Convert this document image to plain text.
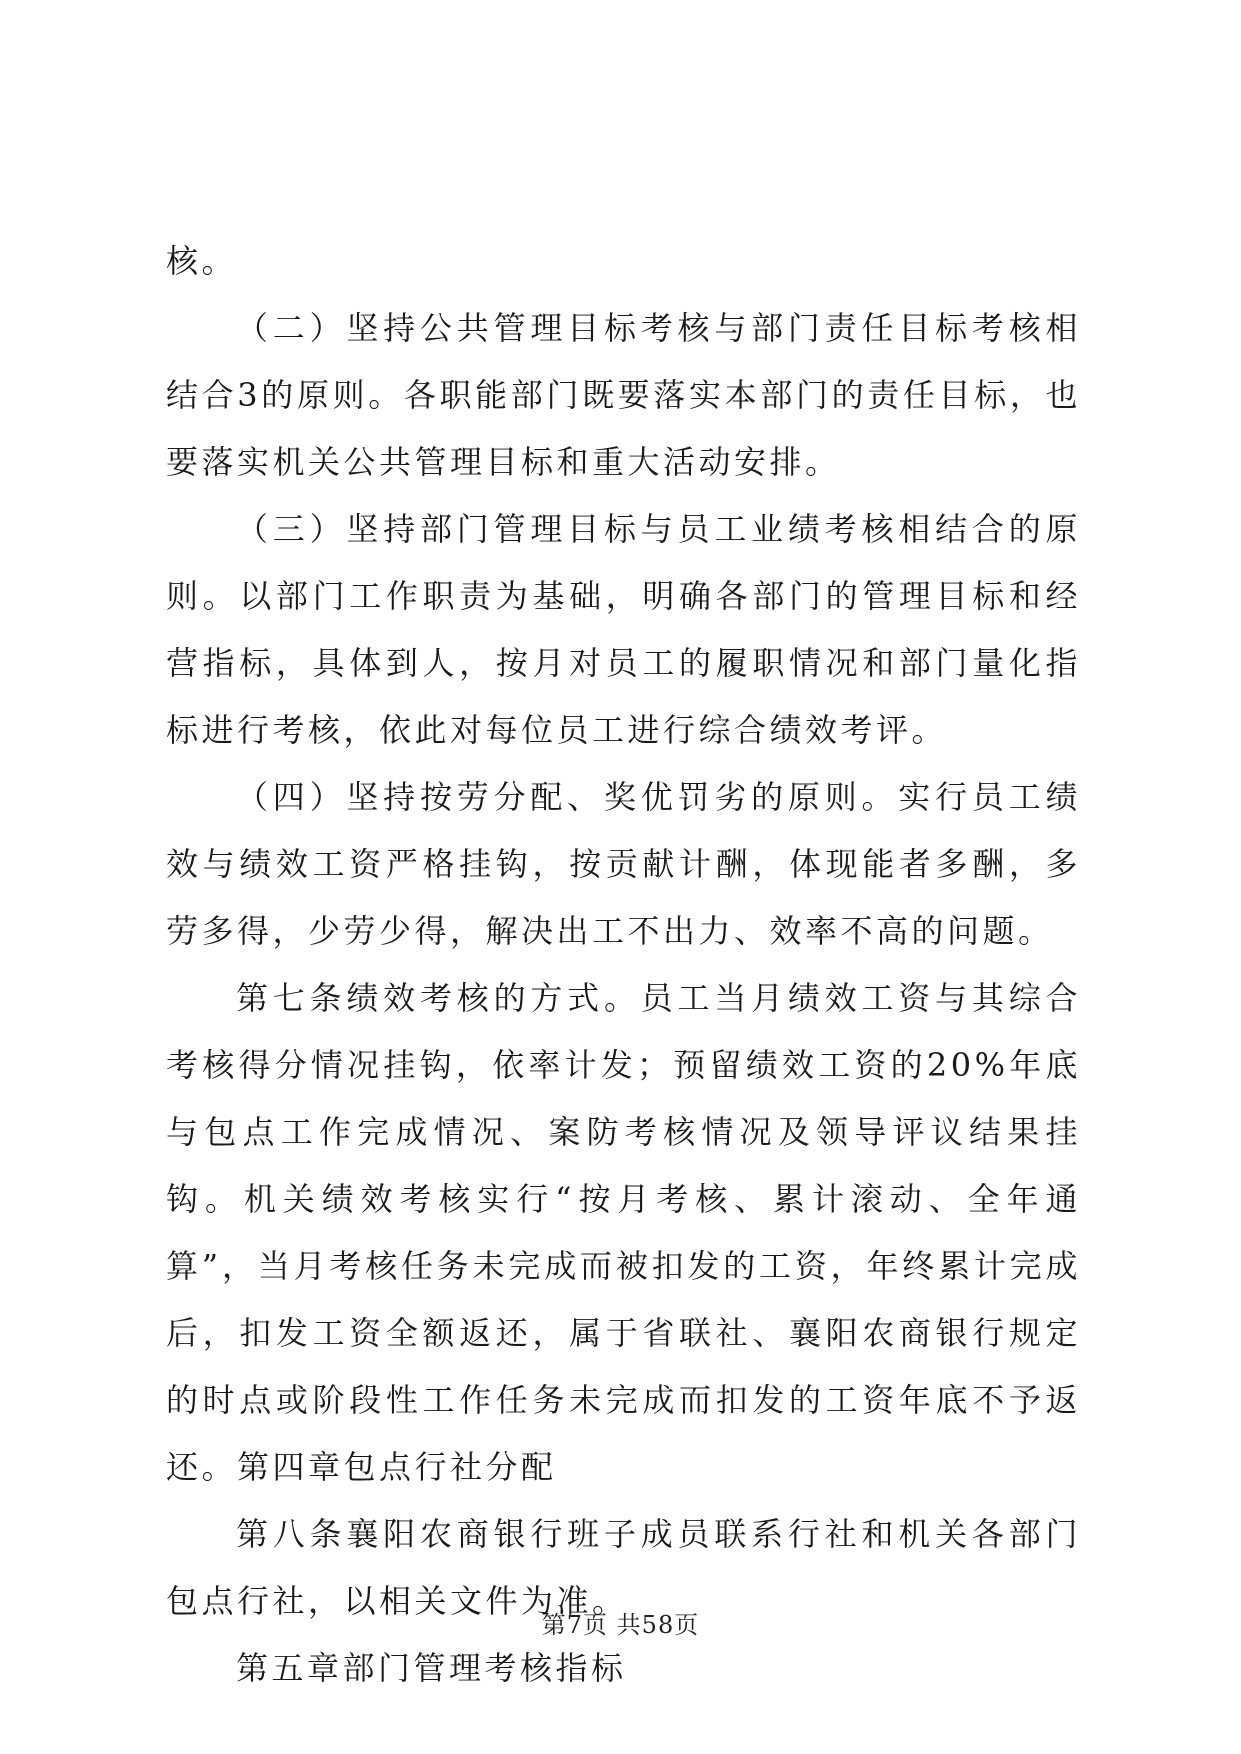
核。

（二）坚持公共管理目标考核与部门责任目标考核相结合3的原则。各职能部门既要落实本部门的责任目标，也要落实机关公共管理目标和重大活动安排。

（三）坚持部门管理目标与员工业绩考核相结合的原则。以部门工作职责为基础，明确各部门的管理目标和经营指标，具体到人，按月对员工的履职情况和部门量化指标进行考核，依此对每位员工进行综合绩效考评。

（四）坚持按劳分配、奖优罚劣的原则。实行员工绩效与绩效工资严格挂钩，按贡献计酬，体现能者多酬，多劳多得，少劳少得，解决出工不出力、效率不高的问题。

第七条绩效考核的方式。员工当月绩效工资与其综合考核得分情况挂钩，依率计发；预留绩效工资的20%年底与包点工作完成情况、案防考核情况及领导评议结果挂钩。机关绩效考核实行“按月考核、累计滚动、全年通算”，当月考核任务未完成而被扣发的工资，年终累计完成后，扣发工资全额返还，属于省联社、襄阳农商银行规定的时点或阶段性工作任务未完成而扣发的工资年底不予返还。第四章包点行社分配

第八条襄阳农商银行班子成员联系行社和机关各部门包点行社，以相关文件为准。

第五章部门管理考核指标

第7页 共58页
